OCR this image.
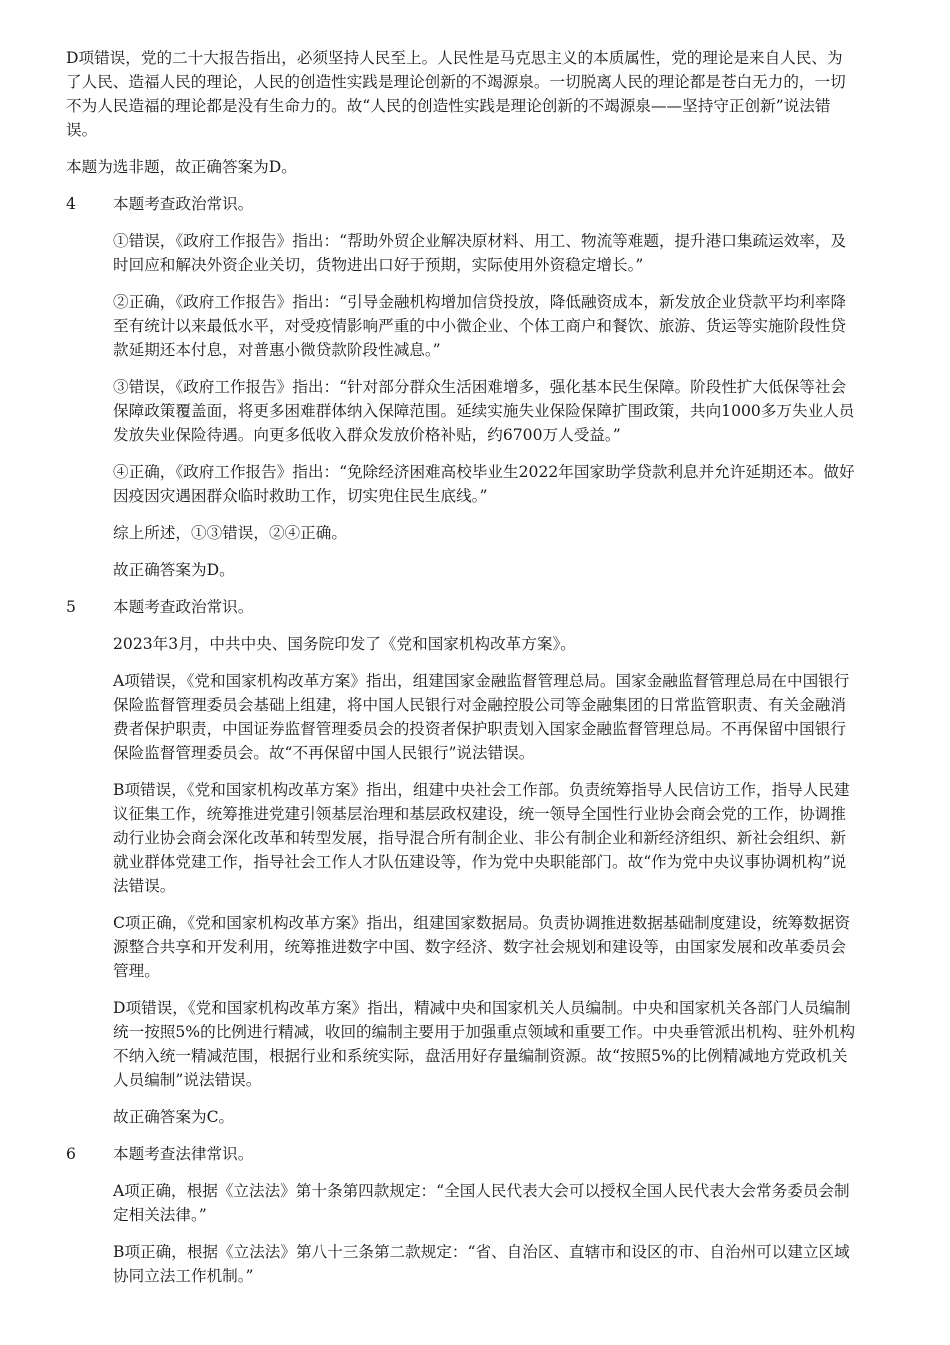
D项错误，党的二十大报告指出，必须坚持人民至上。人民性是马克思主义的本质属性，党的理论是来自人民、为了人民、造福人民的理论，人民的创造性实践是理论创新的不竭源泉。一切脱离人民的理论都是苍白无力的，一切不为人民造福的理论都是没有生命力的。故“人民的创造性实践是理论创新的不竭源泉——坚持守正创新”说法错误。

本题为选非题，故正确答案为D。

4	本题考查政治常识。

①错误，《政府工作报告》指出：“帮助外贸企业解决原材料、用工、物流等难题，提升港口集疏运效率，及时回应和解决外资企业关切，货物进出口好于预期，实际使用外资稳定增长。”

②正确，《政府工作报告》指出：“引导金融机构增加信贷投放，降低融资成本，新发放企业贷款平均利率降至有统计以来最低水平，对受疫情影响严重的中小微企业、个体工商户和餐饮、旅游、货运等实施阶段性贷款延期还本付息，对普惠小微贷款阶段性减息。”

③错误，《政府工作报告》指出：“针对部分群众生活困难增多，强化基本民生保障。阶段性扩大低保等社会保障政策覆盖面，将更多困难群体纳入保障范围。延续实施失业保险保障扩围政策，共向1000多万失业人员发放失业保险待遇。向更多低收入群众发放价格补贴，约6700万人受益。”

④正确，《政府工作报告》指出：“免除经济困难高校毕业生2022年国家助学贷款利息并允许延期还本。做好因疫因灾遇困群众临时救助工作，切实兜住民生底线。”

综上所述，①③错误，②④正确。

故正确答案为D。

5	本题考查政治常识。

2023年3月，中共中央、国务院印发了《党和国家机构改革方案》。

A项错误，《党和国家机构改革方案》指出，组建国家金融监督管理总局。国家金融监督管理总局在中国银行保险监督管理委员会基础上组建，将中国人民银行对金融控股公司等金融集团的日常监管职责、有关金融消费者保护职责，中国证券监督管理委员会的投资者保护职责划入国家金融监督管理总局。不再保留中国银行保险监督管理委员会。故“不再保留中国人民银行”说法错误。

B项错误，《党和国家机构改革方案》指出，组建中央社会工作部。负责统筹指导人民信访工作，指导人民建议征集工作，统筹推进党建引领基层治理和基层政权建设，统一领导全国性行业协会商会党的工作，协调推动行业协会商会深化改革和转型发展，指导混合所有制企业、非公有制企业和新经济组织、新社会组织、新就业群体党建工作，指导社会工作人才队伍建设等，作为党中央职能部门。故“作为党中央议事协调机构”说法错误。

C项正确，《党和国家机构改革方案》指出，组建国家数据局。负责协调推进数据基础制度建设，统筹数据资源整合共享和开发利用，统筹推进数字中国、数字经济、数字社会规划和建设等，由国家发展和改革委员会管理。

D项错误，《党和国家机构改革方案》指出，精减中央和国家机关人员编制。中央和国家机关各部门人员编制统一按照5%的比例进行精减，收回的编制主要用于加强重点领域和重要工作。中央垂管派出机构、驻外机构不纳入统一精减范围，根据行业和系统实际，盘活用好存量编制资源。故“按照5%的比例精减地方党政机关人员编制”说法错误。

故正确答案为C。

6	本题考查法律常识。

A项正确，根据《立法法》第十条第四款规定：“全国人民代表大会可以授权全国人民代表大会常务委员会制定相关法律。”

B项正确，根据《立法法》第八十三条第二款规定：“省、自治区、直辖市和设区的市、自治州可以建立区域协同立法工作机制。”
